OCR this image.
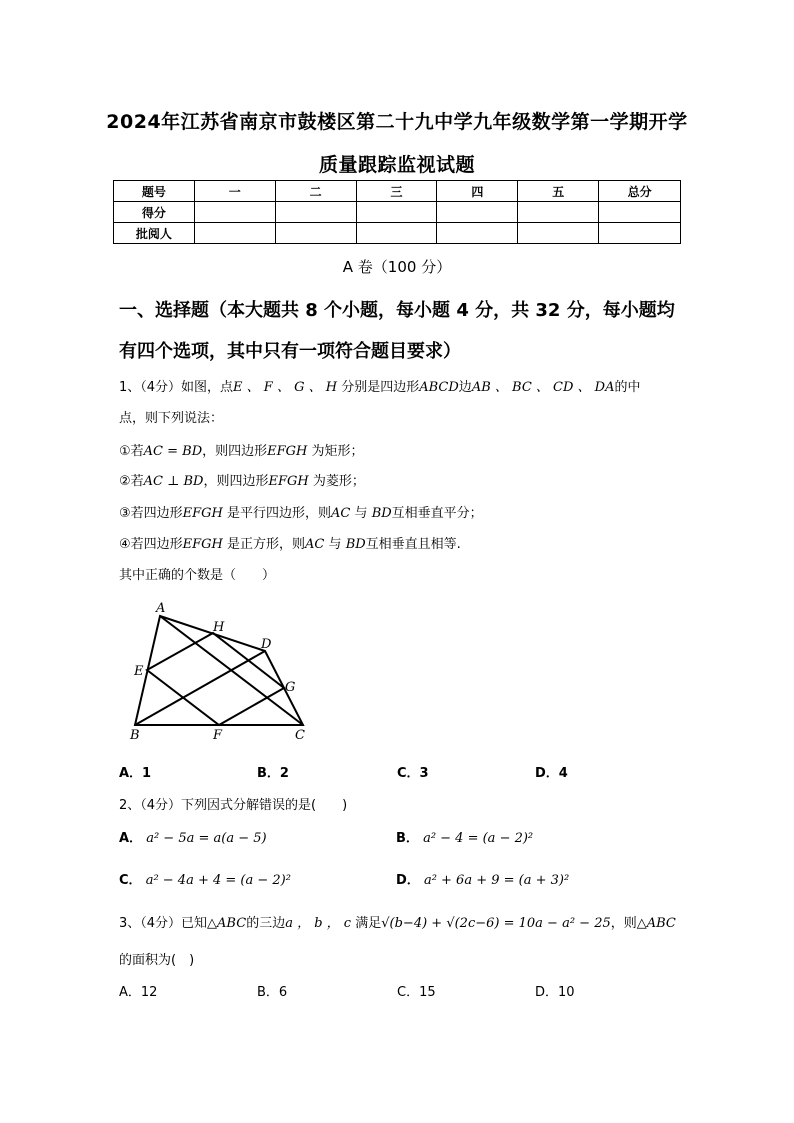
2024年江苏省南京市鼓楼区第二十九中学九年级数学第一学期开学
质量跟踪监视试题
题号	一	二	三	四	五	总分
得分						
批阅人						
A 卷（100 分）
一、选择题（本大题共 8 个小题，每小题 4 分，共 32 分，每小题均
有四个选项，其中只有一项符合题目要求）
1、（4分）如图，点E 、 F 、 G 、 H 分别是四边形ABCD边AB 、 BC 、 CD 、 DA的中
点，则下列说法：
①若AC = BD，则四边形EFGH 为矩形；
②若AC ⊥ BD，则四边形EFGH 为菱形；
③若四边形EFGH 是平行四边形，则AC 与 BD互相垂直平分；
④若四边形EFGH 是正方形，则AC 与 BD互相垂直且相等.
其中正确的个数是（　　）
A
H
D
E
G
B	F	C
A．1	B．2	C．3	D．4
2、（4分）下列因式分解错误的是(　　)
A． a² − 5a = a(a − 5)	B． a² − 4 = (a − 2)²
C． a² − 4a + 4 = (a − 2)²	D． a² + 6a + 9 = (a + 3)²
3、（4分）已知△ABC的三边a ， b ， c 满足√(b−4) + √(2c−6) = 10a − a² − 25，则△ABC
的面积为(　)
A．12	B．6	C．15	D．10
